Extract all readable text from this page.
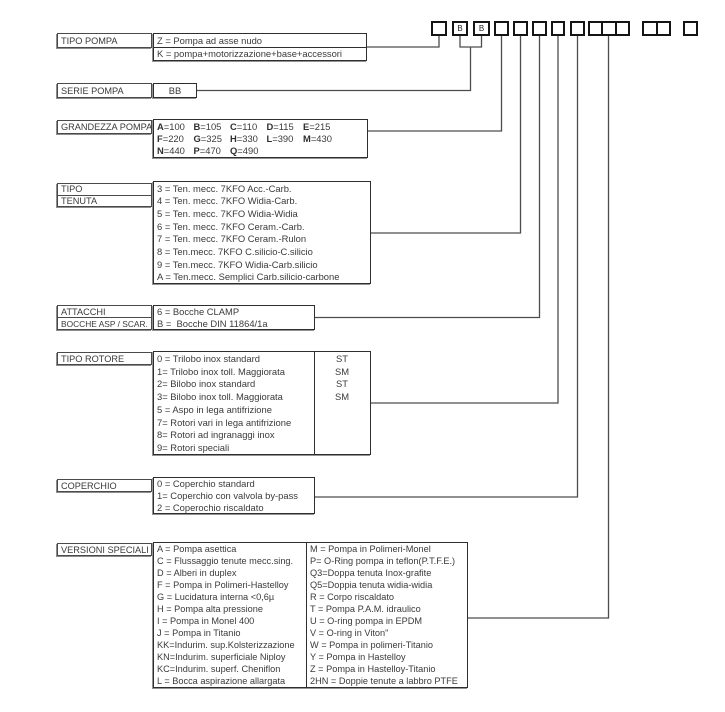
B B
TIPO POMPA	Z = Pompa ad asse nudo
K = pompa+motorizzazione+base+accessori
SERIE POMPA	BB
GRANDEZZA POMPA A=100 B=105 C=110 D=115 E=215
F=220	G=325 H=330 L=390	M=430
N=440 P=470 Q=490
TIPO
TENUTA
3 = Ten. mecc. 7KFO Acc.-Carb.
4 = Ten. mecc. 7KFO Widia-Carb.
5 = Ten. mecc. 7KFO Widia-Widia
6 = Ten. mecc. 7KFO Ceram.-Carb.
7 = Ten. mecc. 7KFO Ceram.-Rulon
8 = Ten.mecc. 7KFO C.silicio-C.silicio
9 = Ten.mecc. 7KFO Widia-Carb.silicio
A = Ten.mecc. Semplici Carb.silicio-carbone
ATTACCHI
BOCCHE ASP / SCAR.
6 = Bocche CLAMP
B =  Bocche DIN 11864/1a
TIPO ROTORE	0 = Trilobo inox standard	ST
1= Trilobo inox toll. Maggiorata	SM
2= Bilobo inox standard	ST
3= Bilobo inox toll. Maggiorata	SM
5 = Aspo in lega antifrizione
7= Rotori vari in lega antifrizione
8= Rotori ad ingranaggi inox
9= Rotori speciali
COPERCHIO	0 = Coperchio standard
1= Coperchio con valvola by-pass
2 = Coperochio riscaldato
VERSIONI SPECIALI A = Pompa asettica
C = Flussaggio tenute mecc.sing.
D = Alberi in duplex
F = Pompa in Polimeri-Hastelloy
G = Lucidatura interna <0,6µ
H = Pompa alta pressione
I = Pompa in Monel 400
J = Pompa in Titanio
KK=Indurim. sup.Kolsterizzazione
KN=Indurim. superficiale Niploy
KC=Indurim. superf. Cheniflon
L = Bocca aspirazione allargata
M = Pompa in Polimeri-Monel
P= O-Ring pompa in teflon(P.T.F.E.)
Q3=Doppa tenuta Inox-grafite
Q5=Doppia tenuta widia-widia
R = Corpo riscaldato
T = Pompa P.A.M. idraulico
U = O-ring pompa in EPDM
V = O-ring in Viton"
W = Pompa in polimeri-Titanio
Y = Pompa in Hastelloy
Z = Pompa in Hastelloy-Titanio
2HN = Doppie tenute a labbro PTFE
